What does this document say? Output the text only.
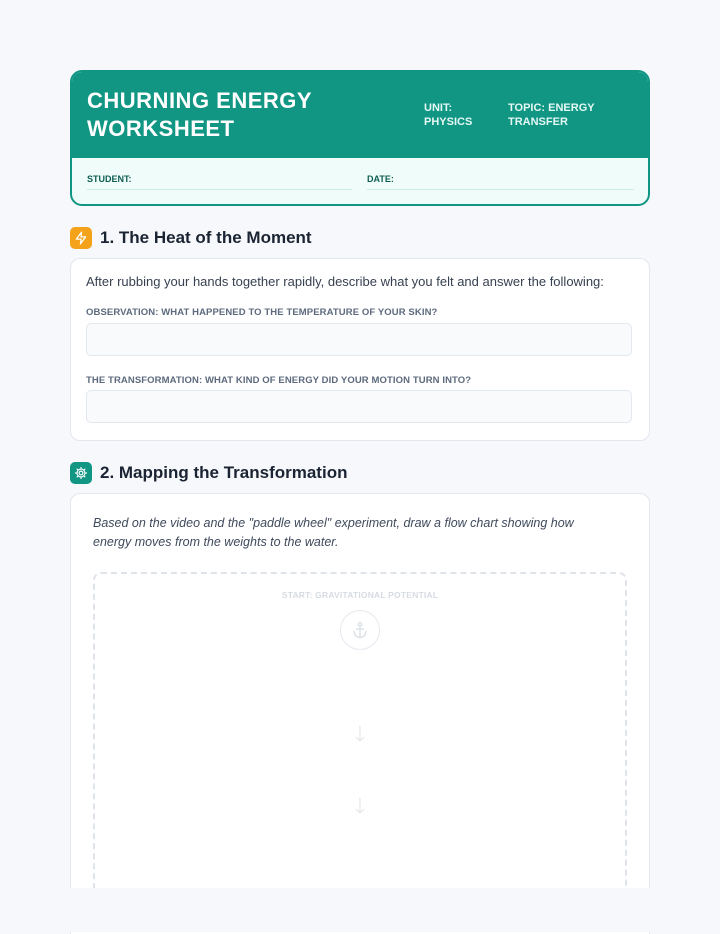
CHURNING ENERGY WORKSHEET
UNIT: PHYSICS
TOPIC: ENERGY TRANSFER
STUDENT:	DATE:
1. The Heat of the Moment
After rubbing your hands together rapidly, describe what you felt and answer the following:
OBSERVATION: WHAT HAPPENED TO THE TEMPERATURE OF YOUR SKIN?
THE TRANSFORMATION: WHAT KIND OF ENERGY DID YOUR MOTION TURN INTO?
2. Mapping the Transformation
Based on the video and the "paddle wheel" experiment, draw a flow chart showing how energy moves from the weights to the water.
START: GRAVITATIONAL POTENTIAL
